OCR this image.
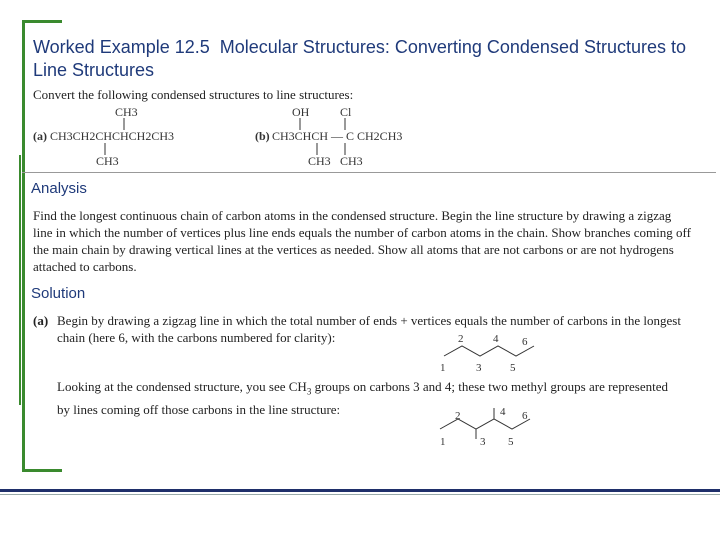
Worked Example 12.5 Molecular Structures: Converting Condensed Structures to Line Structures
Convert the following condensed structures to line structures:
(a) CH3CH2CHCHCH2CH3
CH3
CH3
(b) CH3CHCH — C CH2CH3
OH	Cl
CH3 CH3
Analysis
Find the longest continuous chain of carbon atoms in the condensed structure. Begin the line structure by drawing a zigzag line in which the number of vertices plus line ends equals the number of carbon atoms in the chain. Show branches coming off the main chain by drawing vertical lines at the vertices as needed. Show all atoms that are not carbons or are not hydrogens attached to carbons.
Solution
(a) Begin by drawing a zigzag line in which the total number of ends + vertices equals the number of carbons in the longest chain (here 6, with the carbons numbered for clarity):
Looking at the condensed structure, you see $CH_3$ groups on carbons 3 and 4; these two methyl groups are represented by lines coming off those carbons in the line structure:
2	4 6
1	3	5
2	4 6
1	3 5
